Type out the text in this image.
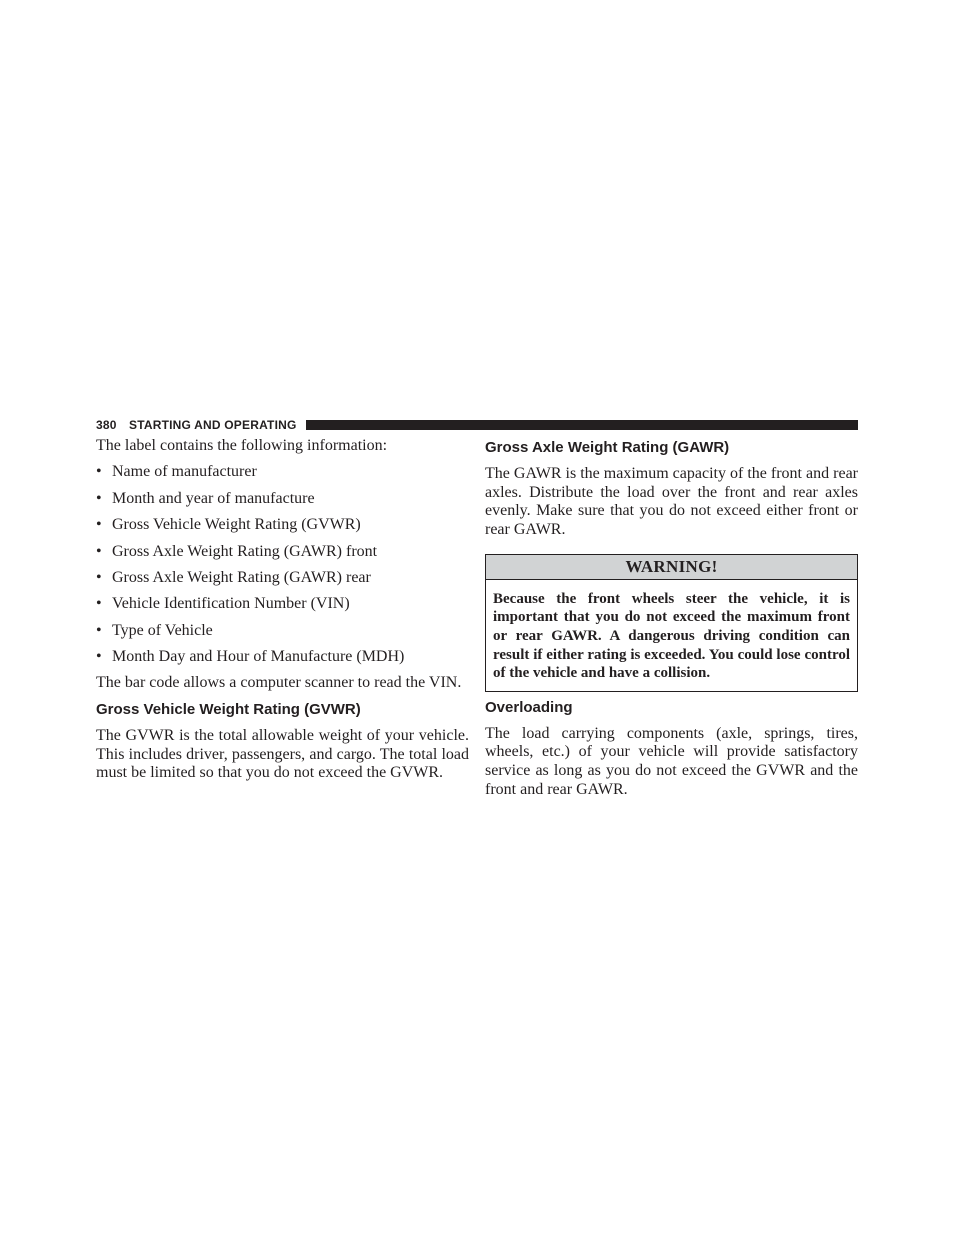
380 STARTING AND OPERATING

The label contains the following information:

• Name of manufacturer
• Month and year of manufacture
• Gross Vehicle Weight Rating (GVWR)
• Gross Axle Weight Rating (GAWR) front
• Gross Axle Weight Rating (GAWR) rear
• Vehicle Identification Number (VIN)
• Type of Vehicle
• Month Day and Hour of Manufacture (MDH)

The bar code allows a computer scanner to read the VIN.

Gross Vehicle Weight Rating (GVWR)

The GVWR is the total allowable weight of your vehicle. This includes driver, passengers, and cargo. The total load must be limited so that you do not exceed the GVWR.

Gross Axle Weight Rating (GAWR)

The GAWR is the maximum capacity of the front and rear axles. Distribute the load over the front and rear axles evenly. Make sure that you do not exceed either front or rear GAWR.

WARNING!
Because the front wheels steer the vehicle, it is important that you do not exceed the maximum front or rear GAWR. A dangerous driving condition can result if either rating is exceeded. You could lose control of the vehicle and have a collision.
Overloading

The load carrying components (axle, springs, tires, wheels, etc.) of your vehicle will provide satisfactory service as long as you do not exceed the GVWR and the front and rear GAWR.
